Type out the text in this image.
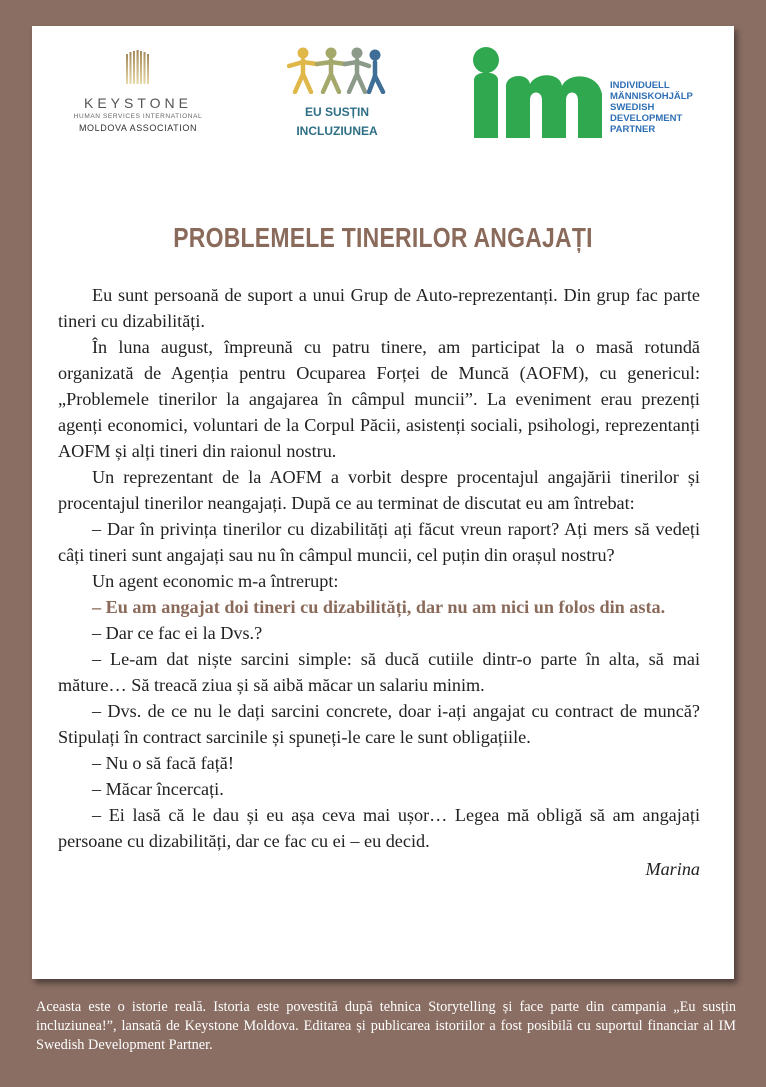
KEYSTONE
HUMAN SERVICES INTERNATIONAL
MOLDOVA ASSOCIATION
EU SUSȚIN
INCLUZIUNEA
INDIVIDUELL
MÄNNISKOHJÄLP
SWEDISH
DEVELOPMENT
PARTNER
PROBLEMELE TINERILOR ANGAJAȚI

Eu sunt persoană de suport a unui Grup de Auto-reprezentanți. Din grup fac parte tineri cu dizabilități.

În luna august, împreună cu patru tinere, am participat la o masă rotundă organizată de Agenția pentru Ocuparea Forței de Muncă (AOFM), cu genericul: „Problemele tinerilor la angajarea în câmpul muncii”. La eveniment erau prezenți agenți economici, voluntari de la Corpul Păcii, asistenți sociali, psihologi, reprezentanți AOFM și alți tineri din raionul nostru.

Un reprezentant de la AOFM a vorbit despre procentajul angajării tinerilor și procentajul tinerilor neangajați. După ce au terminat de discutat eu am întrebat:

– Dar în privința tinerilor cu dizabilități ați făcut vreun raport? Ați mers să vedeți câți tineri sunt angajați sau nu în câmpul muncii, cel puțin din orașul nostru?

Un agent economic m-a întrerupt:

– Eu am angajat doi tineri cu dizabilități, dar nu am nici un folos din asta.

– Dar ce fac ei la Dvs.?

– Le-am dat niște sarcini simple: să ducă cutiile dintr-o parte în alta, să mai măture… Să treacă ziua și să aibă măcar un salariu minim.

– Dvs. de ce nu le dați sarcini concrete, doar i-ați angajat cu contract de muncă? Stipulați în contract sarcinile și spuneți-le care le sunt obligațiile.

– Nu o să facă față!

– Măcar încercați.

– Ei lasă că le dau și eu așa ceva mai ușor… Legea mă obligă să am angajați persoane cu dizabilități, dar ce fac cu ei – eu decid.

Marina

Aceasta este o istorie reală. Istoria este povestită după tehnica Storytelling și face parte din campania „Eu susțin incluziunea!”, lansată de Keystone Moldova. Editarea și publicarea istoriilor a fost posibilă cu suportul financiar al IM Swedish Development Partner.
